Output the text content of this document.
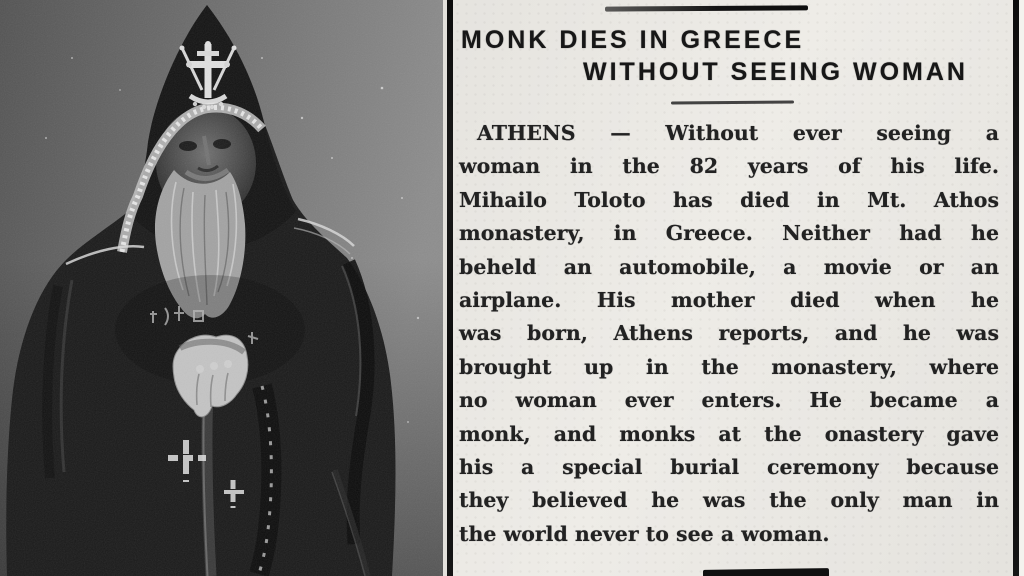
MONK DIES IN GREECE
WITHOUT SEEING WOMAN
ATHENS — Without ever seeing a
woman in the 82 years of his life.
Mihailo Toloto has died in Mt. Athos
monastery, in Greece. Neither had he
beheld an automobile, a movie or an
airplane. His mother died when he
was born, Athens reports, and he was
brought up in the monastery, where
no woman ever enters. He became a
monk, and monks at the onastery gave
his a special burial ceremony because
they believed he was the only man in
the world never to see a woman.
